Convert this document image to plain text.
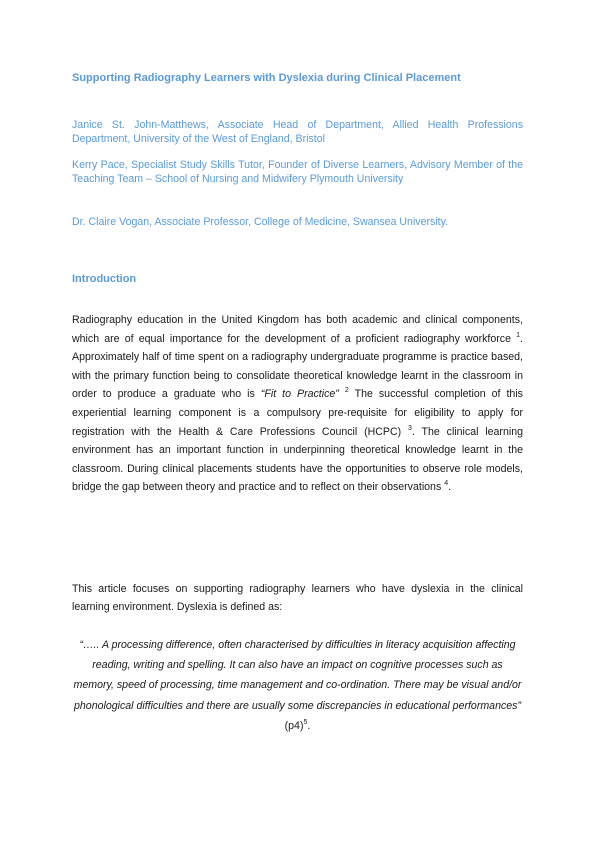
Supporting Radiography Learners with Dyslexia during Clinical Placement
Janice St. John-Matthews, Associate Head of Department, Allied Health Professions Department, University of the West of England, Bristol
Kerry Pace, Specialist Study Skills Tutor, Founder of Diverse Learners, Advisory Member of the Teaching Team – School of Nursing and Midwifery Plymouth University
Dr. Claire Vogan, Associate Professor, College of Medicine, Swansea University.
Introduction
Radiography education in the United Kingdom has both academic and clinical components, which are of equal importance for the development of a proficient radiography workforce $^1$. Approximately half of time spent on a radiography undergraduate programme is practice based, with the primary function being to consolidate theoretical knowledge learnt in the classroom in order to produce a graduate who is “Fit to Practice” $^2$ The successful completion of this experiential learning component is a compulsory pre-requisite for eligibility to apply for registration with the Health & Care Professions Council (HCPC) $^3$. The clinical learning environment has an important function in underpinning theoretical knowledge learnt in the classroom. During clinical placements students have the opportunities to observe role models, bridge the gap between theory and practice and to reflect on their observations $^4$.
This article focuses on supporting radiography learners who have dyslexia in the clinical learning environment. Dyslexia is defined as:
“….. A processing difference, often characterised by difficulties in literacy acquisition affecting reading, writing and spelling. It can also have an impact on cognitive processes such as memory, speed of processing, time management and co-ordination. There may be visual and/or phonological difficulties and there are usually some discrepancies in educational performances” $(p4)^5$.
